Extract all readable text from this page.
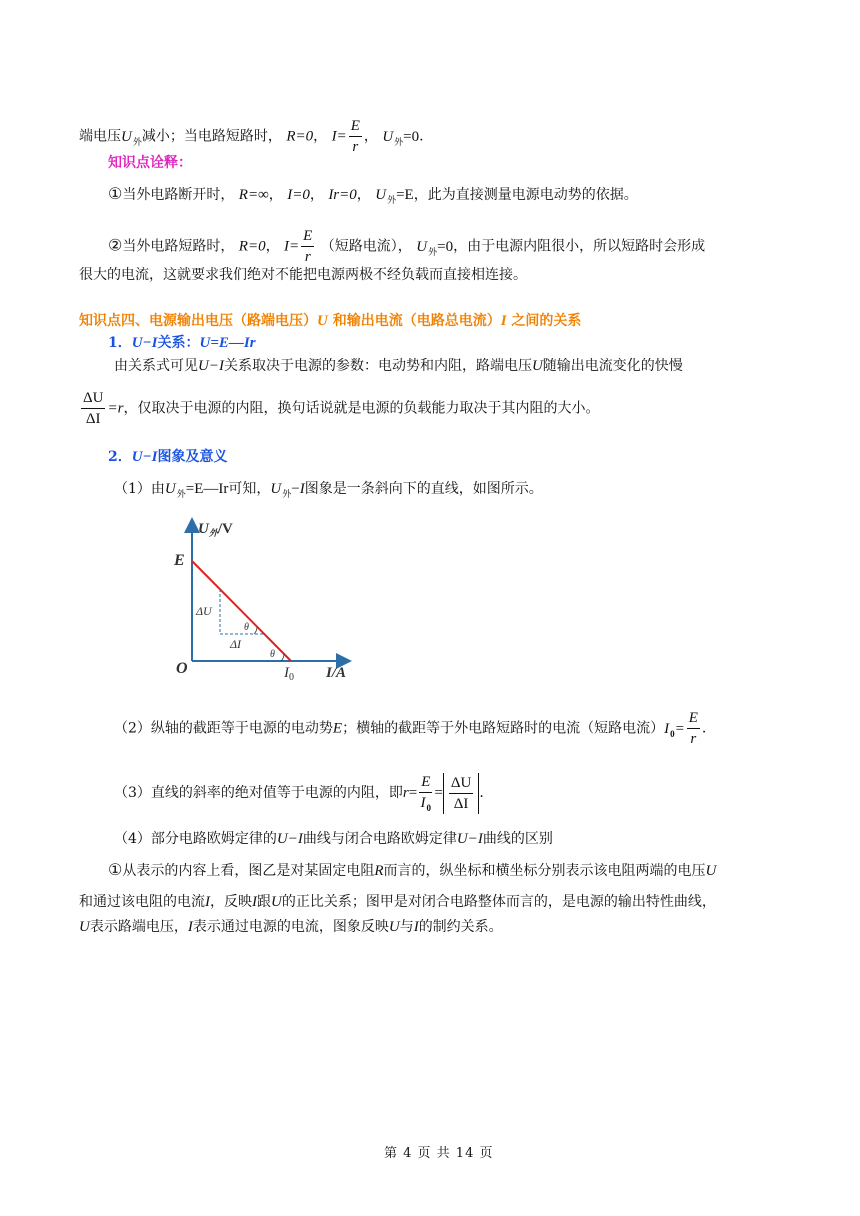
端电压$U_外$减小；当电路短路时， R=0， $I= \frac{E}{r}$ ， $U_外=0$.
知识点诠释：
①当外电路断开时， R=∞， I=0， Ir=0， $U_外=E$，此为直接测量电源电动势的依据。
②当外电路短路时， R=0， $I= \frac{E}{r}$ （短路电流）， $U_外=0$，由于电源内阻很小，所以短路时会形成
很大的电流，这就要求我们绝对不能把电源两极不经负载而直接相连接。
知识点四、电源输出电压（路端电压）U 和输出电流（电路总电流）I 之间的关系
1．U−I关系：U=E—Ir
由关系式可见U−I关系取决于电源的参数：电动势和内阻，路端电压U随输出电流变化的快慢
$\frac{\Delta U}{\Delta I} =r$，仅取决于电源的内阻，换句话说就是电源的负载能力取决于其内阻的大小。
2．U−I图象及意义
（1）由$U_外=E—Ir$可知，$U_外-I$图象是一条斜向下的直线，如图所示。
$U_外/V$
E
ΔU
ΔI
θ
θ
O	$I_0$ I/A
（2）纵轴的截距等于电源的电动势E；横轴的截距等于外电路短路时的电流（短路电流）$I_0= \frac{E}{r}$ .
（3）直线的斜率的绝对值等于电源的内阻，即$r= \frac{E}{I_0} = \frac{\Delta U}{\Delta I}$ .
（4）部分电路欧姆定律的U−I曲线与闭合电路欧姆定律U−I曲线的区别
①从表示的内容上看，图乙是对某固定电阻R而言的，纵坐标和横坐标分别表示该电阻两端的电压U
和通过该电阻的电流I，反映I跟U的正比关系；图甲是对闭合电路整体而言的，是电源的输出特性曲线，
U表示路端电压，I表示通过电源的电流，图象反映U与I的制约关系。
第 4 页 共 14 页
